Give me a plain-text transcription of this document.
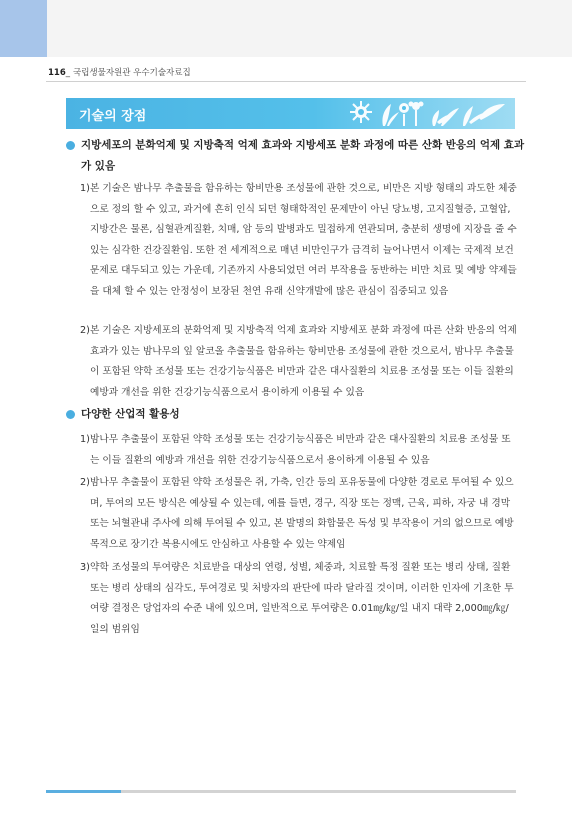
116_ 국립생물자원관 우수기술자료집
기술의 장점
지방세포의 분화억제 및 지방축적 억제 효과와 지방세포 분화 과정에 따른 산화 반응의 억제 효과가 있음
1) 본 기술은 밤나무 추출물을 함유하는 항비만용 조성물에 관한 것으로, 비만은 지방 형태의 과도한 체중으로 정의 할 수 있고, 과거에 흔히 인식 되던 형태학적인 문제만이 아닌 당뇨병, 고지질혈증, 고혈압, 지방간은 물론, 심혈관계질환, 치매, 암 등의 발병과도 밀접하게 연관되며, 충분히 생명에 지장을 줄 수 있는 심각한 건강질환임. 또한 전 세계적으로 매년 비만인구가 급격히 늘어나면서 이제는 국제적 보건 문제로 대두되고 있는 가운데, 기존까지 사용되었던 여러 부작용을 동반하는 비만 치료 및 예방 약제들을 대체 할 수 있는 안정성이 보장된 천연 유래 신약개발에 많은 관심이 집중되고 있음
2) 본 기술은 지방세포의 분화억제 및 지방축적 억제 효과와 지방세포 분화 과정에 따른 산화 반응의 억제 효과가 있는 밤나무의 잎 알코올 추출물을 함유하는 항비만용 조성물에 관한 것으로서, 밤나무 추출물이 포함된 약학 조성물 또는 건강기능식품은 비만과 같은 대사질환의 치료용 조성물 또는 이들 질환의 예방과 개선을 위한 건강기능식품으로서 용이하게 이용될 수 있음
다양한 산업적 활용성
1) 밤나무 추출물이 포함된 약학 조성물 또는 건강기능식품은 비만과 같은 대사질환의 치료용 조성물 또는 이들 질환의 예방과 개선을 위한 건강기능식품으로서 용이하게 이용될 수 있음
2) 밤나무 추출물이 포함된 약학 조성물은 쥐, 가축, 인간 등의 포유동물에 다양한 경로로 투여될 수 있으며, 투여의 모든 방식은 예상될 수 있는데, 예를 들면, 경구, 직장 또는 정맥, 근육, 피하, 자궁 내 경막 또는 뇌혈관내 주사에 의해 투여될 수 있고, 본 발명의 화합물은 독성 및 부작용이 거의 없으므로 예방 목적으로 장기간 복용시에도 안심하고 사용할 수 있는 약제임
3) 약학 조성물의 투여량은 치료받을 대상의 연령, 성별, 체중과, 치료할 특정 질환 또는 병리 상태, 질환 또는 병리 상태의 심각도, 투여경로 및 처방자의 판단에 따라 달라질 것이며, 이러한 인자에 기초한 투여량 결정은 당업자의 수준 내에 있으며, 일반적으로 투여량은 0.01㎎/㎏/일 내지 대략 2,000㎎/㎏/일의 범위임
